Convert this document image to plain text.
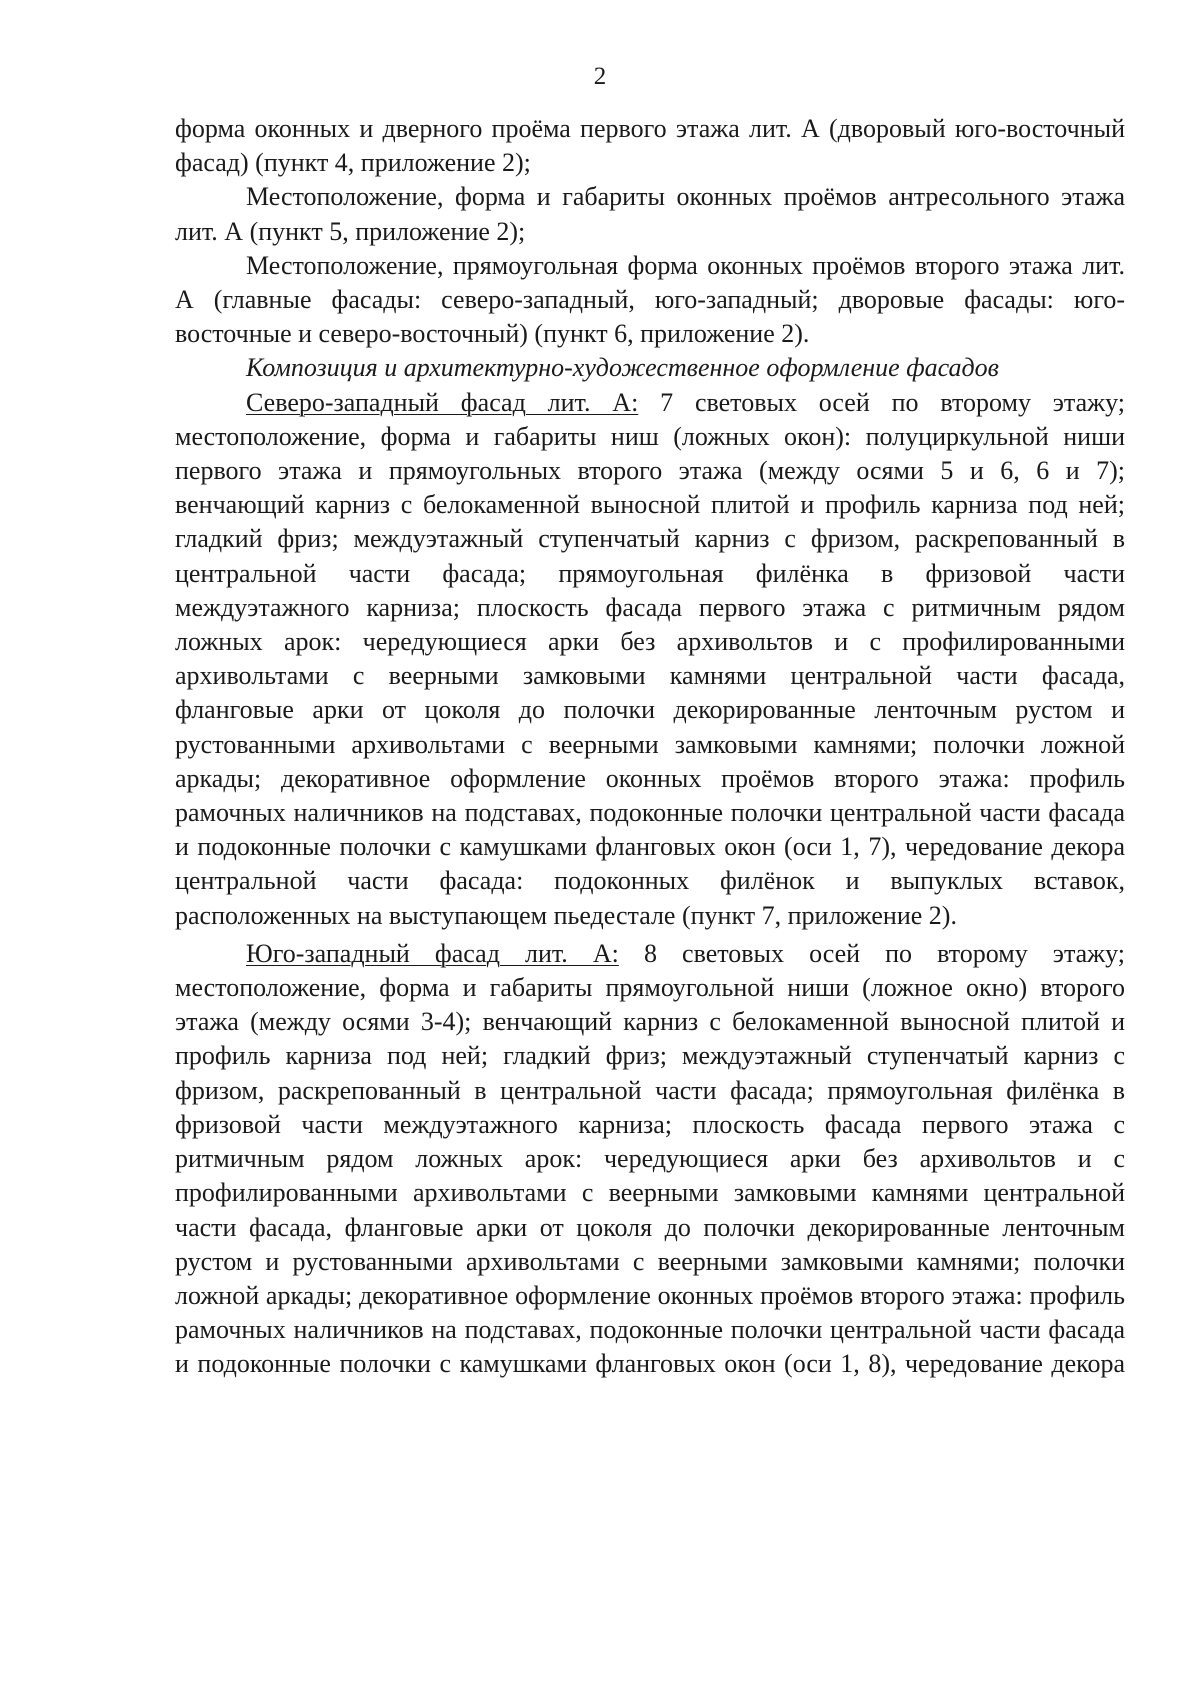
2

форма оконных и дверного проёма первого этажа лит. А (дворовый юго-восточный фасад) (пункт 4, приложение 2);

Местоположение, форма и габариты оконных проёмов антресольного этажа лит. А (пункт 5, приложение 2);

Местоположение, прямоугольная форма оконных проёмов второго этажа лит. А (главные фасады: северо-западный, юго-западный; дворовые фасады: юго-восточные и северо-восточный) (пункт 6, приложение 2).

Композиция и архитектурно-художественное оформление фасадов

Северо-западный фасад лит. А: 7 световых осей по второму этажу; местоположение, форма и габариты ниш (ложных окон): полуциркульной ниши первого этажа и прямоугольных второго этажа (между осями 5 и 6, 6 и 7); венчающий карниз с белокаменной выносной плитой и профиль карниза под ней; гладкий фриз; междуэтажный ступенчатый карниз с фризом, раскрепованный в центральной части фасада; прямоугольная филёнка в фризовой части междуэтажного карниза; плоскость фасада первого этажа с ритмичным рядом ложных арок: чередующиеся арки без архивольтов и с профилированными архивольтами с веерными замковыми камнями центральной части фасада, фланговые арки от цоколя до полочки декорированные ленточным рустом и рустованными архивольтами с веерными замковыми камнями; полочки ложной аркады; декоративное оформление оконных проёмов второго этажа: профиль рамочных наличников на подставах, подоконные полочки центральной части фасада и подоконные полочки с камушками фланговых окон (оси 1, 7), чередование декора центральной части фасада: подоконных филёнок и выпуклых вставок, расположенных на выступающем пьедестале (пункт 7, приложение 2).

Юго-западный фасад лит. А: 8 световых осей по второму этажу; местоположение, форма и габариты прямоугольной ниши (ложное окно) второго этажа (между осями 3-4); венчающий карниз с белокаменной выносной плитой и профиль карниза под ней; гладкий фриз; междуэтажный ступенчатый карниз с фризом, раскрепованный в центральной части фасада; прямоугольная филёнка в фризовой части междуэтажного карниза; плоскость фасада первого этажа с ритмичным рядом ложных арок: чередующиеся арки без архивольтов и с профилированными архивольтами с веерными замковыми камнями центральной части фасада, фланговые арки от цоколя до полочки декорированные ленточным рустом и рустованными архивольтами с веерными замковыми камнями; полочки ложной аркады; декоративное оформление оконных проёмов второго этажа: профиль рамочных наличников на подставах, подоконные полочки центральной части фасада и подоконные полочки с камушками фланговых окон (оси 1, 8), чередование декора
